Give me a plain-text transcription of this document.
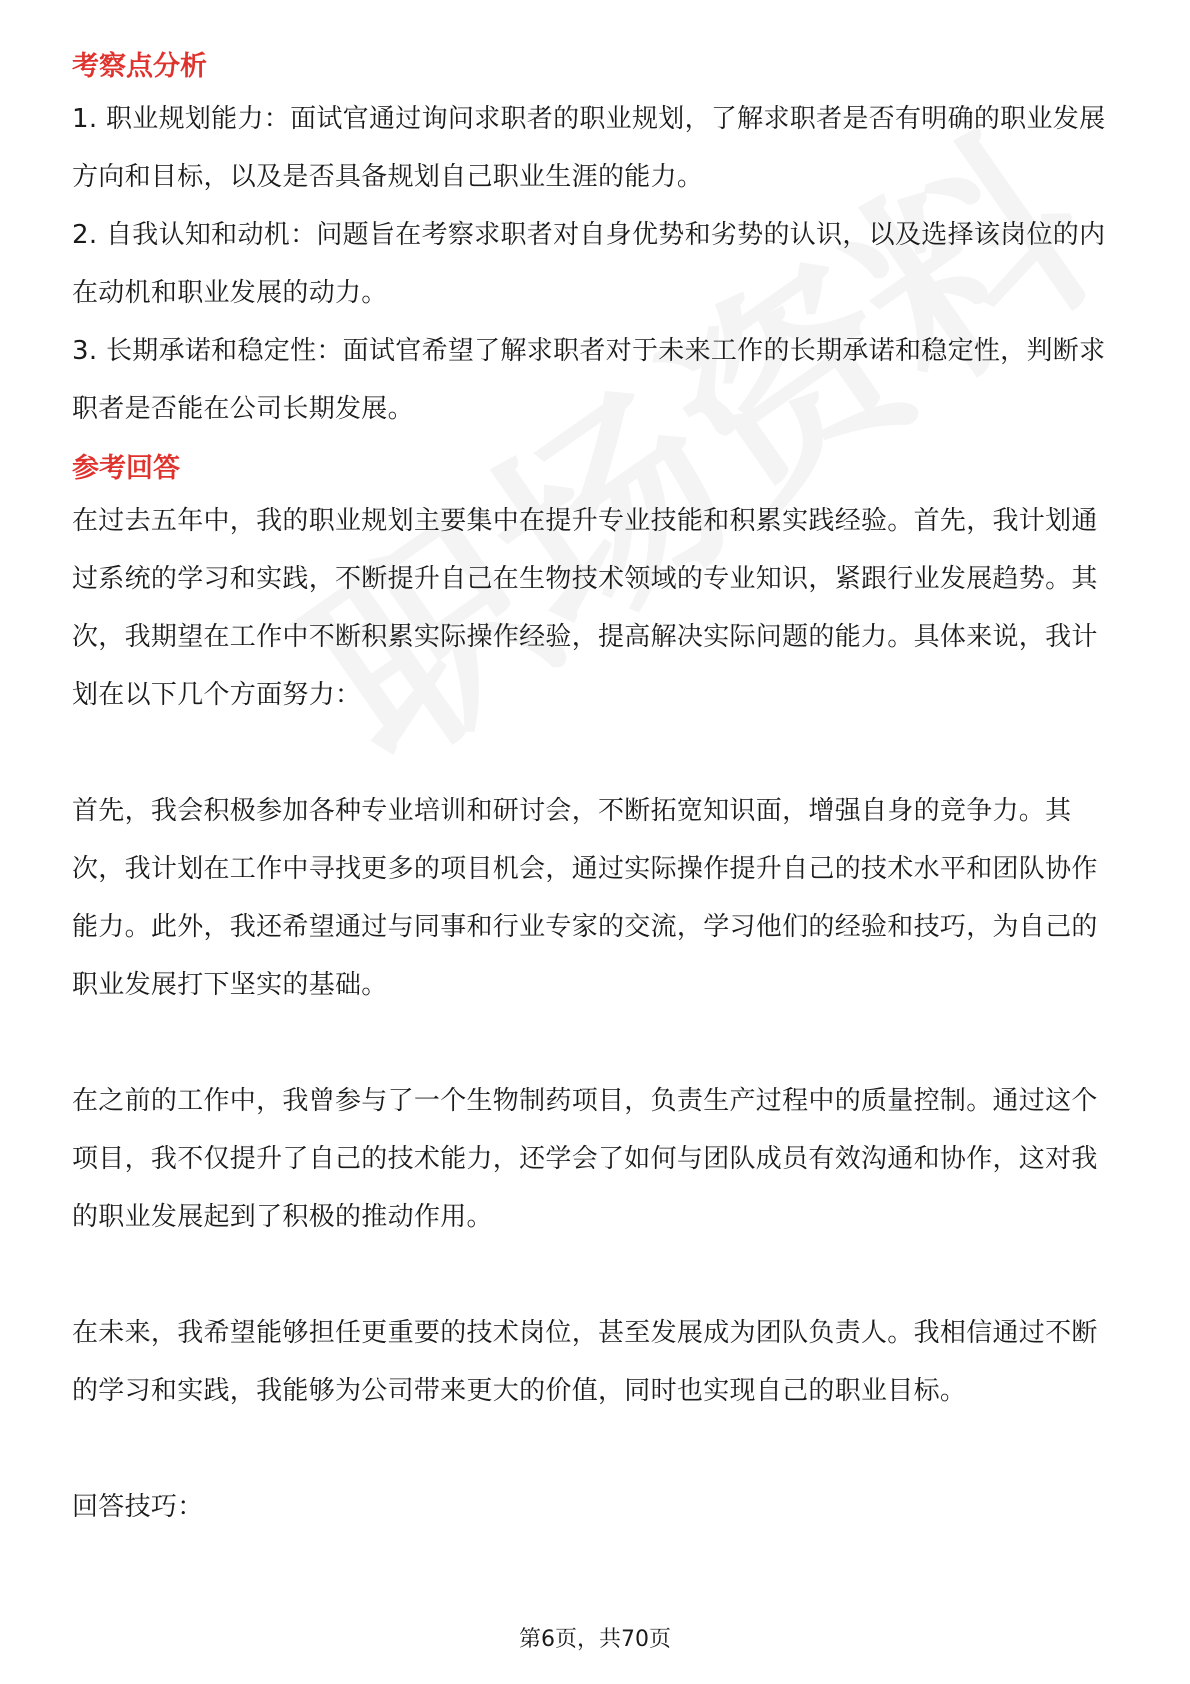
考察点分析

1. 职业规划能力：面试官通过询问求职者的职业规划，了解求职者是否有明确的职业发展方向和目标，以及是否具备规划自己职业生涯的能力。

2. 自我认知和动机：问题旨在考察求职者对自身优势和劣势的认识，以及选择该岗位的内在动机和职业发展的动力。

3. 长期承诺和稳定性：面试官希望了解求职者对于未来工作的长期承诺和稳定性，判断求职者是否能在公司长期发展。

参考回答

在过去五年中，我的职业规划主要集中在提升专业技能和积累实践经验。首先，我计划通过系统的学习和实践，不断提升自己在生物技术领域的专业知识，紧跟行业发展趋势。其次，我期望在工作中不断积累实际操作经验，提高解决实际问题的能力。具体来说，我计划在以下几个方面努力：

首先，我会积极参加各种专业培训和研讨会，不断拓宽知识面，增强自身的竞争力。其次，我计划在工作中寻找更多的项目机会，通过实际操作提升自己的技术水平和团队协作能力。此外，我还希望通过与同事和行业专家的交流，学习他们的经验和技巧，为自己的职业发展打下坚实的基础。

在之前的工作中，我曾参与了一个生物制药项目，负责生产过程中的质量控制。通过这个项目，我不仅提升了自己的技术能力，还学会了如何与团队成员有效沟通和协作，这对我的职业发展起到了积极的推动作用。

在未来，我希望能够担任更重要的技术岗位，甚至发展成为团队负责人。我相信通过不断的学习和实践，我能够为公司带来更大的价值，同时也实现自己的职业目标。

回答技巧：

第6页，共70页
